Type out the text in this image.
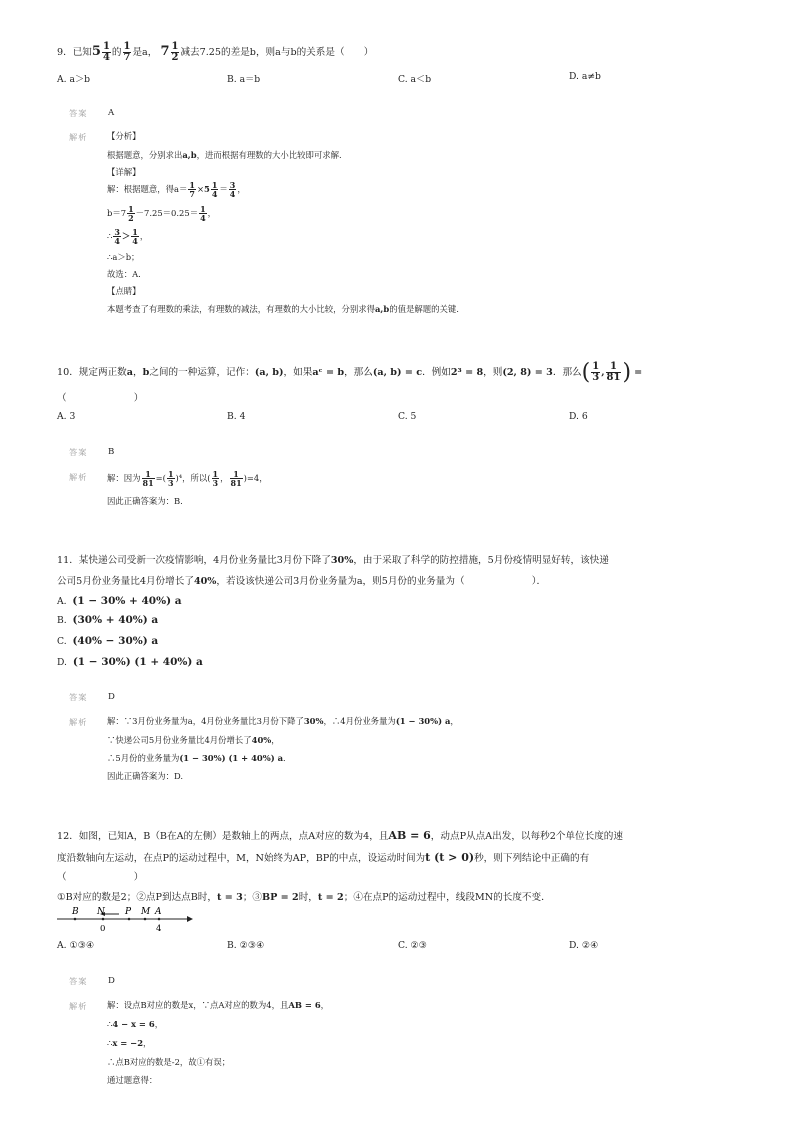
9．已知$5 \frac{1}{4}$ 的 $\frac{1}{7}$ 是a， $7 \frac{1}{2}$ 减去7.25的差是b，则a与b的关系是（　　）
A. a＞b	B. a＝b	C. a＜b	D. a≠b
答案 A
解析 【分析】
根据题意，分别求出a,b，进而根据有理数的大小比较即可求解.
【详解】
解：根据题意，得$a= \frac{1}{7} \times 5 \frac{1}{4} = \frac{3}{4}$ ，
$b=7 \frac{1}{2} -7.25=0.25= \frac{1}{4}$ ，
∴ $\frac{3}{4} > \frac{1}{4}$ ，
∴a＞b；
故选：A.
【点睛】
本题考查了有理数的乘法，有理数的减法，有理数的大小比较，分别求得a,b的值是解题的关键.
10．规定两正数a，b之间的一种运算，记作：(a, b)，如果aᶜ = b，那么(a, b) = c．例如2³ = 8，则(2, 8) = 3．那么( $\frac{1}{3}$ , $\frac{1}{81}$ ) =
（　　　　　　　）
A. 3	B. 4	C. 5	D. 6
答案 B
解析 解：因为 $\frac{1}{81}$ =( $\frac{1}{3} )^4$，所以( $\frac{1}{3}$ ， $\frac{1}{81} )=4$，
因此正确答案为：B.
11．某快递公司受新一次疫情影响，4月份业务量比3月份下降了30%，由于采取了科学的防控措施，5月份疫情明显好转，该快递
公司5月份业务量比4月份增长了40%，若设该快递公司3月份业务量为a，则5月份的业务量为（　　　　　　　）．
A. (1 − 30% + 40%) a
B. (30% + 40%) a
C. (40% − 30%) a
D. (1 − 30%) (1 + 40%) a
答案 D
解析 解：∵3月份业务量为a，4月份业务量比3月份下降了30%，∴4月份业务量为(1 − 30%) a，
∵快递公司5月份业务量比4月份增长了40%，
∴5月份的业务量为(1 − 30%) (1 + 40%) a．
因此正确答案为：D.
12．如图，已知A，B（B在A的左侧）是数轴上的两点，点A对应的数为4，且AB = 6，动点P从点A出发，以每秒2个单位长度的速
度沿数轴向左运动，在点P的运动过程中，M，N始终为AP，BP的中点，设运动时间为t (t > 0)秒，则下列结论中正确的有
（　　　　　　　）
①B对应的数是2；②点P到达点B时，t = 3；③BP = 2时，t = 2；④在点P的运动过程中，线段MN的长度不变．
B N P M A
0	4
A. ①③④	B. ②③④	C. ②③	D. ②④
答案 D
解析 解：设点B对应的数是x，∵点A对应的数为4，且AB = 6，
∴4 − x = 6，
∴x = −2，
∴点B对应的数是-2，故①有误；
通过题意得：
